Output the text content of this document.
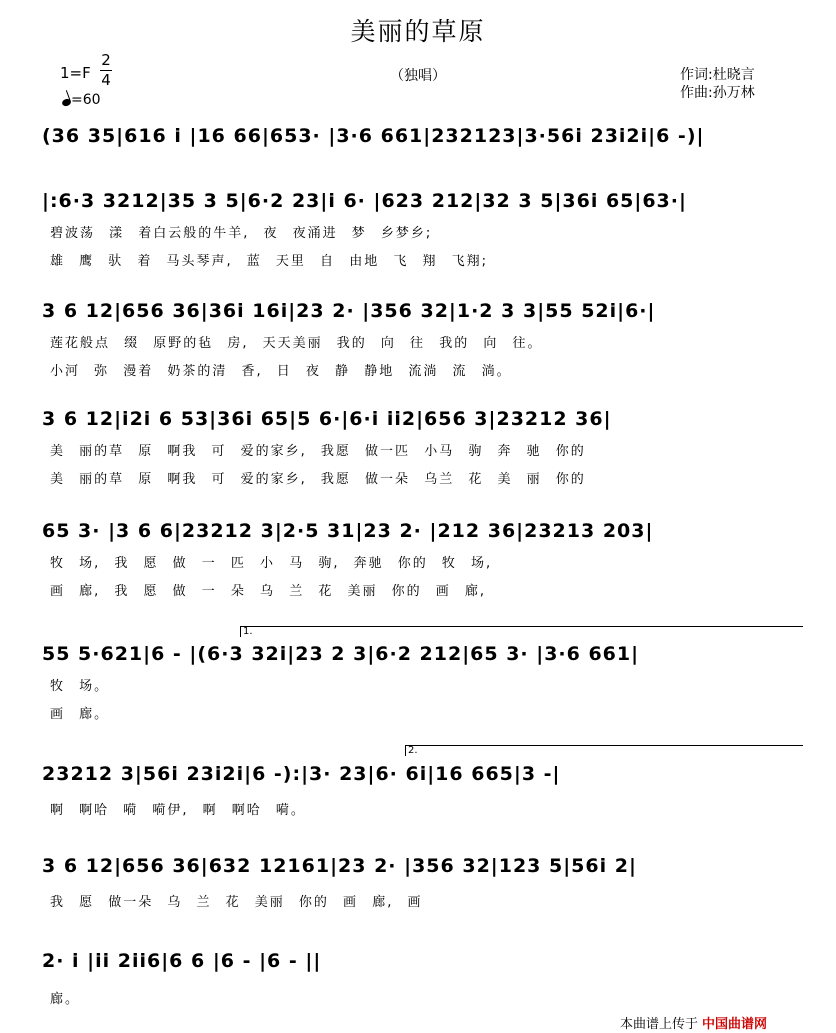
美丽的草原
（独唱）
1=F
2
4
=60
作词:杜晓言
作曲:孙万林
(36 35|616 i |16 66|653· |3·6 661|232123|3·56i 23i2i|6 -)|
|:6·3 3212|35 3 5|6·2 23|i 6· |623 212|32 3 5|36i 65|63·|
碧波荡 漾 着白云般的牛羊, 夜 夜涌进 梦 乡梦乡;
雄 鹰 驮 着 马头琴声, 蓝 天里 自 由地 飞 翔 飞翔;
3 6 12|656 36|36i 16i|23 2· |356 32|1·2 3 3|55 52i|6·|
莲花般点 缀 原野的毡 房, 天天美丽 我的 向 往 我的 向 往。
小河 弥 漫着 奶茶的清 香, 日 夜 静 静地 流淌 流 淌。
3 6 12|i2i 6 53|36i 65|5 6·|6·i ii2|656 3|23212 36|
美 丽的草 原 啊我 可 爱的家乡, 我愿 做一匹 小马 驹 奔 驰 你的
美 丽的草 原 啊我 可 爱的家乡, 我愿 做一朵 乌兰 花 美 丽 你的
65 3· |3 6 6|23212 3|2·5 31|23 2· |212 36|23213 203|
牧 场, 我 愿 做 一 匹 小 马 驹, 奔驰 你的 牧 场,
画 廊, 我 愿 做 一 朵 乌 兰 花 美丽 你的 画 廊,
55 5·621|6 - |(6·3 32i|23 2 3|6·2 212|65 3· |3·6 661|
牧 场。
画 廊。
23212 3|56i 23i2i|6 -):|3· 23|6· 6i|16 665|3 -|
啊 啊哈 嗬 嗬伊, 啊 啊哈 嗬。
3 6 12|656 36|632 12161|23 2· |356 32|123 5|56i 2|
我 愿 做一朵 乌 兰 花 美丽 你的 画 廊, 画
2· i |ii 2ii6|6 6 |6 - |6 - ||
廊。
1.
2.
本曲谱上传于 中国曲谱网
